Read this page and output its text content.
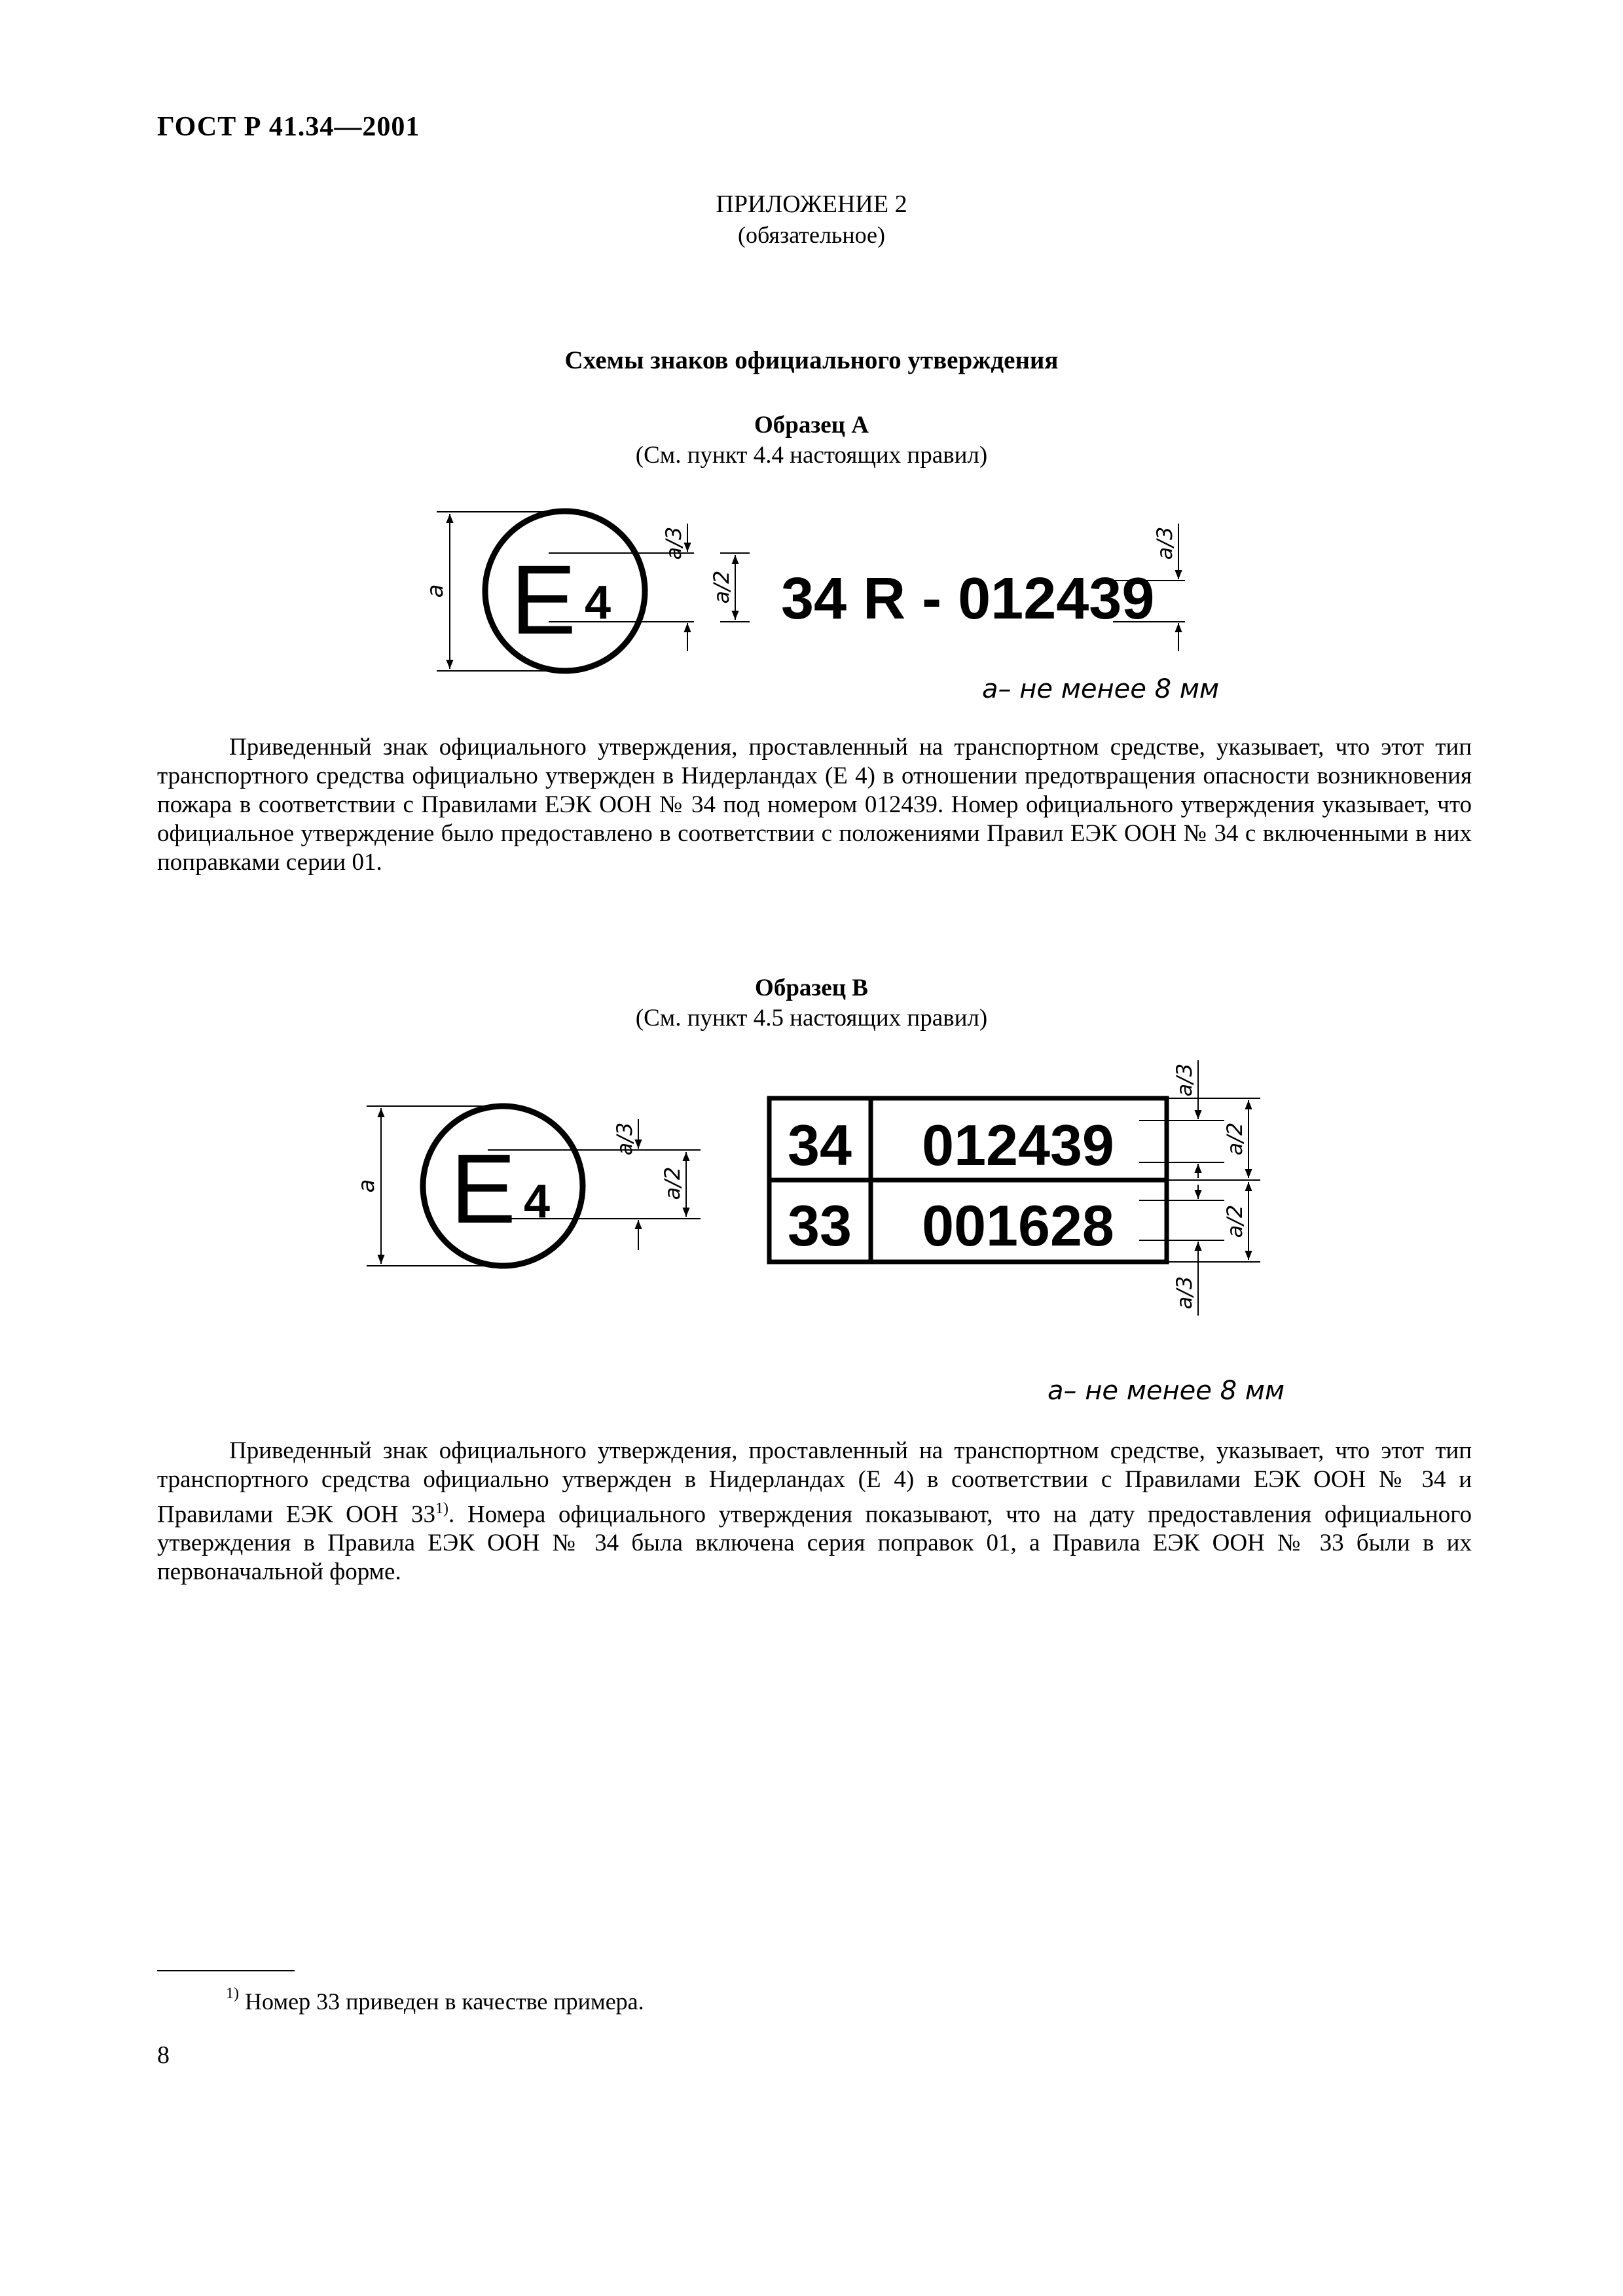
ГОСТ Р 41.34—2001
ПРИЛОЖЕНИЕ 2
(обязательное)
Схемы знаков официального утверждения
Образец А
(См. пункт 4.4 настоящих правил)
E 4
a
a/3
a/2 34 R - 012439
a/3
a– не менее 8 мм
E 4
a
a/3
a/2
34 012439
33 001628
a/3
a/3
a/2
a/2
a– не менее 8 мм

Приведенный знак официального утверждения, проставленный на транспортном средстве, указывает, что этот тип транспортного средства официально утвержден в Нидерландах (E 4) в отношении предотвращения опасности возникновения пожара в соответствии с Правилами ЕЭК ООН № 34 под номером 012439. Номер официального утверждения указывает, что официальное утверждение было предоставлено в соответствии с положениями Правил ЕЭК ООН № 34 с включенными в них поправками серии 01.

Образец В
(См. пункт 4.5 настоящих правил)

Приведенный знак официального утверждения, проставленный на транспортном средстве, указывает, что этот тип транспортного средства официально утвержден в Нидерландах (E 4) в соответствии с Правилами ЕЭК ООН № 34 и Правилами ЕЭК ООН 33$^{1)}$. Номера официального утверждения показывают, что на дату предоставления официального утверждения в Правила ЕЭК ООН № 34 была включена серия поправок 01, а Правила ЕЭК ООН № 33 были в их первоначальной форме.

$^{1)}$ Номер 33 приведен в качестве примера.
8
